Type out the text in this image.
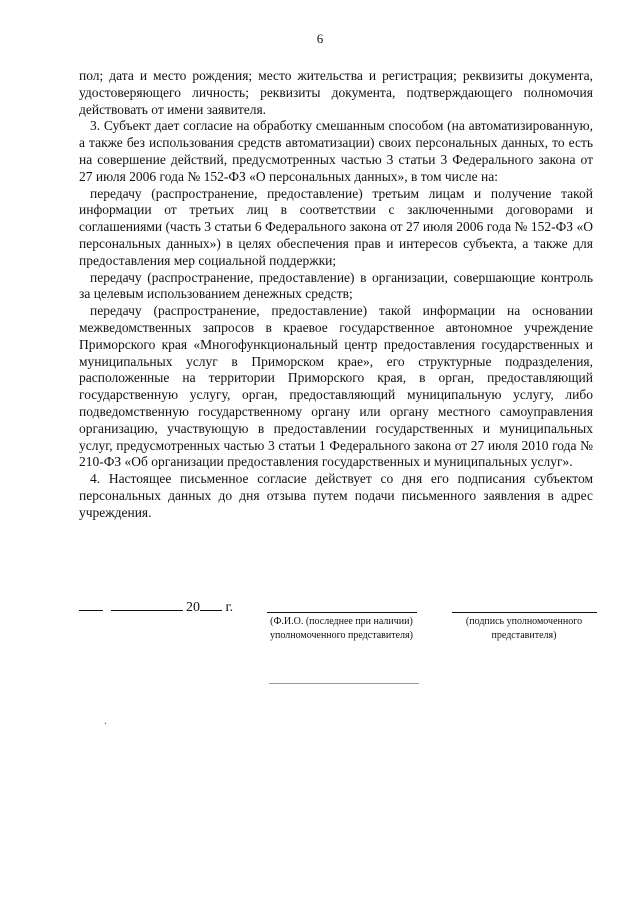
6

пол; дата и место рождения; место жительства и регистрация; реквизиты документа, удостоверяющего личность; реквизиты документа, подтверждающего полномочия действовать от имени заявителя.

3. Субъект дает согласие на обработку смешанным способом (на автоматизированную, а также без использования средств автоматизации) своих персональных данных, то есть на совершение действий, предусмотренных частью 3 статьи 3 Федерального закона от 27 июля 2006 года № 152-ФЗ «О персональных данных», в том числе на:

передачу (распространение, предоставление) третьим лицам и получение такой информации от третьих лиц в соответствии с заключенными договорами и соглашениями (часть 3 статьи 6 Федерального закона от 27 июля 2006 года № 152-ФЗ «О персональных данных») в целях обеспечения прав и интересов субъекта, а также для предоставления мер социальной поддержки;

передачу (распространение, предоставление) в организации, совершающие контроль за целевым использованием денежных средств;

передачу (распространение, предоставление) такой информации на основании межведомственных запросов в краевое государственное автономное учреждение Приморского края «Многофункциональный центр предоставления государственных и муниципальных услуг в Приморском крае», его структурные подразделения, расположенные на территории Приморского края, в орган, предоставляющий государственную услугу, орган, предоставляющий муниципальную услугу, либо подведомственную государственному органу или органу местного самоуправления организацию, участвующую в предоставлении государственных и муниципальных услуг, предусмотренных частью 3 статьи 1 Федерального закона от 27 июля 2010 года № 210-ФЗ «Об организации предоставления государственных и муниципальных услуг».

4. Настоящее письменное согласие действует со дня его подписания субъектом персональных данных до дня отзыва путем подачи письменного заявления в адрес учреждения.

20 г.
(Ф.И.О. (последнее при наличии)
уполномоченного представителя)
(подпись уполномоченного
представителя)
.
